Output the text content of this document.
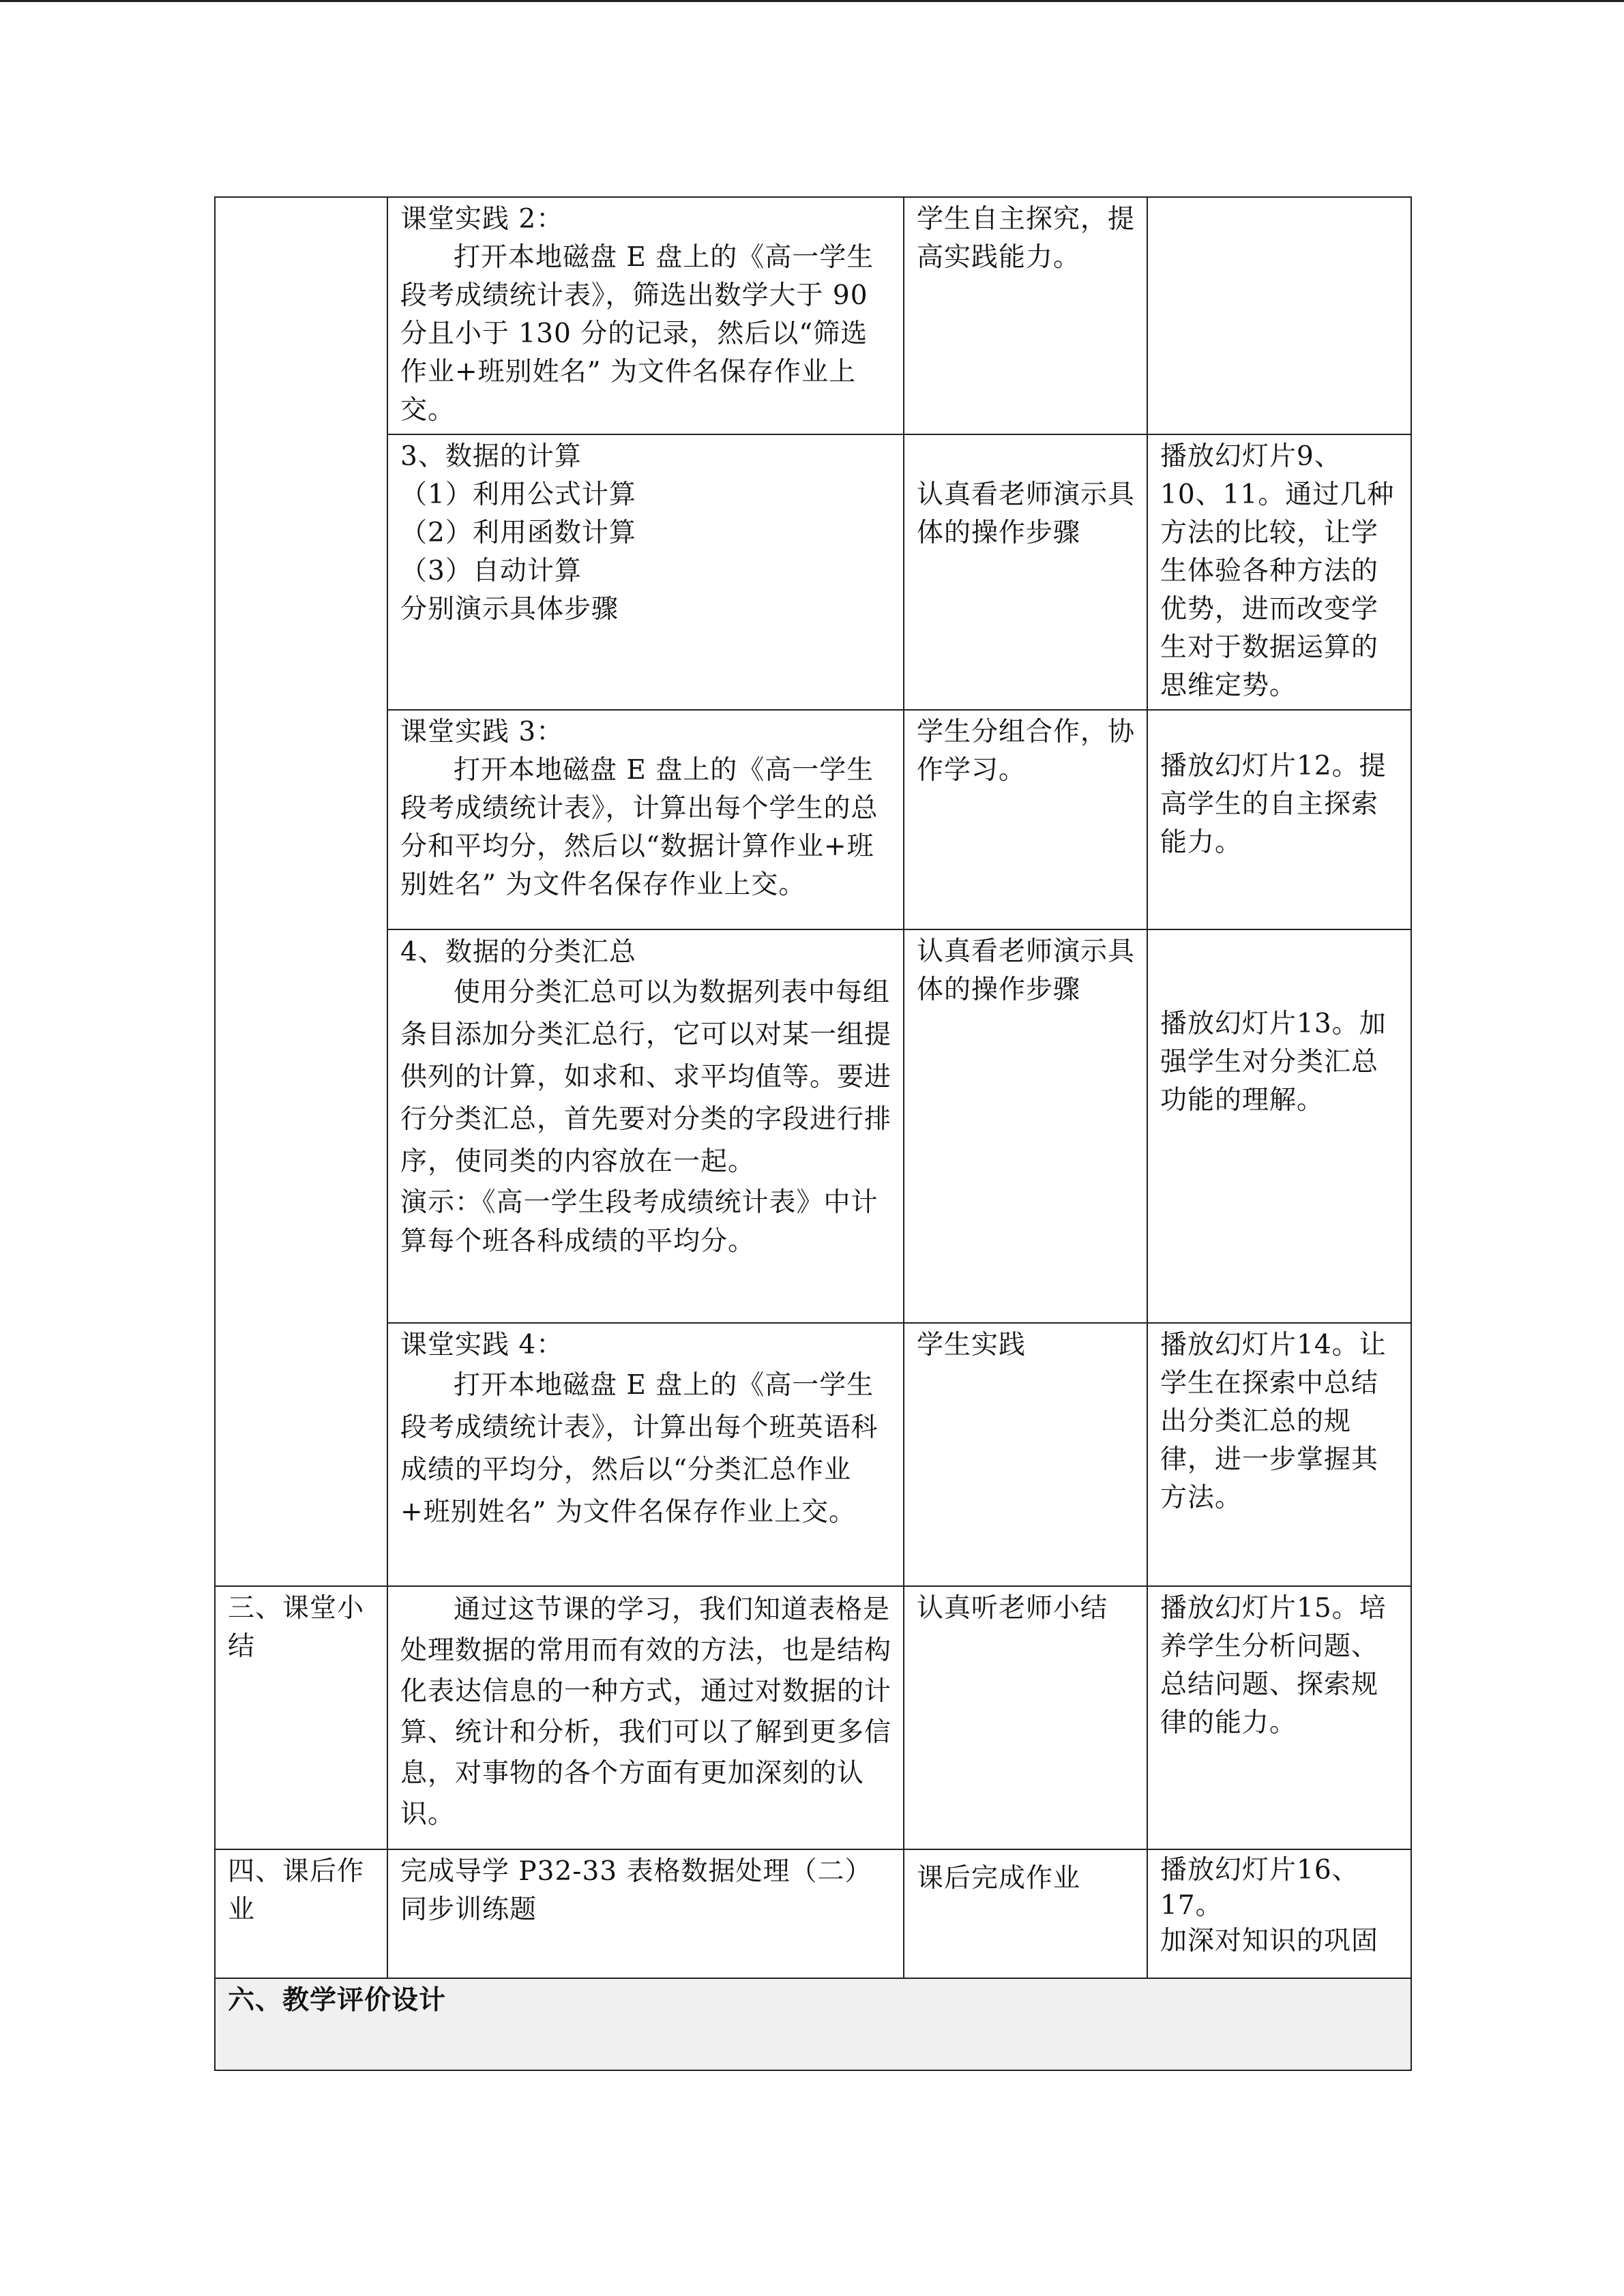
	课堂实践 2：
打开本地磁盘 E 盘上的《高一学生段考成绩统计表》，筛选出数学大于 90 分且小于 130 分的记录，然后以“筛选作业+班别姓名” 为文件名保存作业上交。	学生自主探究，提高实践能力。	

	3、数据的计算
（1）利用公式计算
（2）利用函数计算
（3）自动计算
分别演示具体步骤	认真看老师演示具体的操作步骤	播放幻灯片9、10、11。通过几种方法的比较，让学生体验各种方法的优势，进而改变学生对于数据运算的思维定势。

	课堂实践 3：
打开本地磁盘 E 盘上的《高一学生段考成绩统计表》，计算出每个学生的总分和平均分，然后以“数据计算作业+班别姓名” 为文件名保存作业上交。	学生分组合作，协作学习。	播放幻灯片12。提高学生的自主探索能力。

	4、数据的分类汇总
使用分类汇总可以为数据列表中每组条目添加分类汇总行，它可以对某一组提供列的计算，如求和、求平均值等。要进行分类汇总，首先要对分类的字段进行排序，使同类的内容放在一起。
演示：《高一学生段考成绩统计表》中计算每个班各科成绩的平均分。	认真看老师演示具体的操作步骤	播放幻灯片13。加强学生对分类汇总功能的理解。

	课堂实践 4：
打开本地磁盘 E 盘上的《高一学生段考成绩统计表》，计算出每个班英语科成绩的平均分，然后以“分类汇总作业+班别姓名” 为文件名保存作业上交。	学生实践	播放幻灯片14。让学生在探索中总结出分类汇总的规律，进一步掌握其方法。
三、课堂小结	通过这节课的学习，我们知道表格是处理数据的常用而有效的方法，也是结构化表达信息的一种方式，通过对数据的计算、统计和分析，我们可以了解到更多信息，对事物的各个方面有更加深刻的认识。	认真听老师小结	播放幻灯片15。培养学生分析问题、总结问题、探索规律的能力。
四、课后作业	完成导学 P32-33 表格数据处理（二）同步训练题	课后完成作业	播放幻灯片16、17。
加深对知识的巩固

六、教学评价设计			
